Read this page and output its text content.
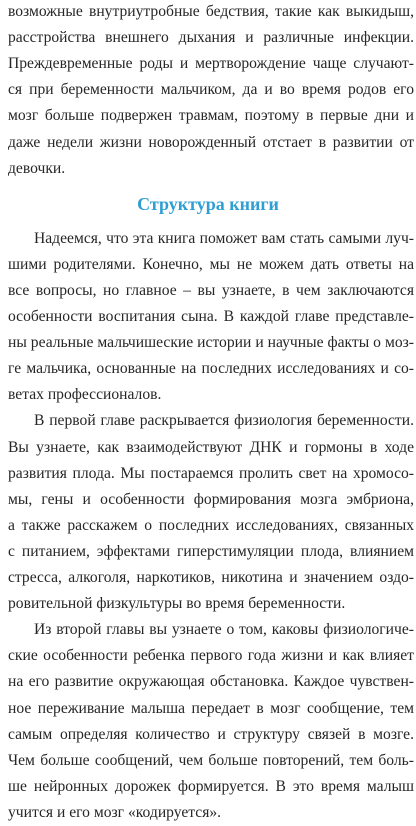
возможные внутриутробные бедствия, такие как выкидыш,
расстройства внешнего дыхания и различные инфекции.
Преждевременные роды и мертворождение чаще случают-
ся при беременности мальчиком, да и во время родов его
мозг больше подвержен травмам, поэтому в первые дни и
даже недели жизни новорожденный отстает в развитии от
девочки.
Структура книги
Надеемся, что эта книга поможет вам стать самыми луч-
шими родителями. Конечно, мы не можем дать ответы на
все вопросы, но главное – вы узнаете, в чем заключаются
особенности воспитания сына. В каждой главе представле-
ны реальные мальчишеские истории и научные факты о моз-
ге мальчика, основанные на последних исследованиях и со-
ветах профессионалов.
В первой главе раскрывается физиология беременности.
Вы узнаете, как взаимодействуют ДНК и гормоны в ходе
развития плода. Мы постараемся пролить свет на хромосо-
мы, гены и особенности формирования мозга эмбриона,
а также расскажем о последних исследованиях, связанных
с питанием, эффектами гиперстимуляции плода, влиянием
стресса, алкоголя, наркотиков, никотина и значением оздо-
ровительной физкультуры во время беременности.
Из второй главы вы узнаете о том, каковы физиологиче-
ские особенности ребенка первого года жизни и как влияет
на его развитие окружающая обстановка. Каждое чувствен-
ное переживание малыша передает в мозг сообщение, тем
самым определяя количество и структуру связей в мозге.
Чем больше сообщений, чем больше повторений, тем боль-
ше нейронных дорожек формируется. В это время малыш
учится и его мозг «кодируется».
